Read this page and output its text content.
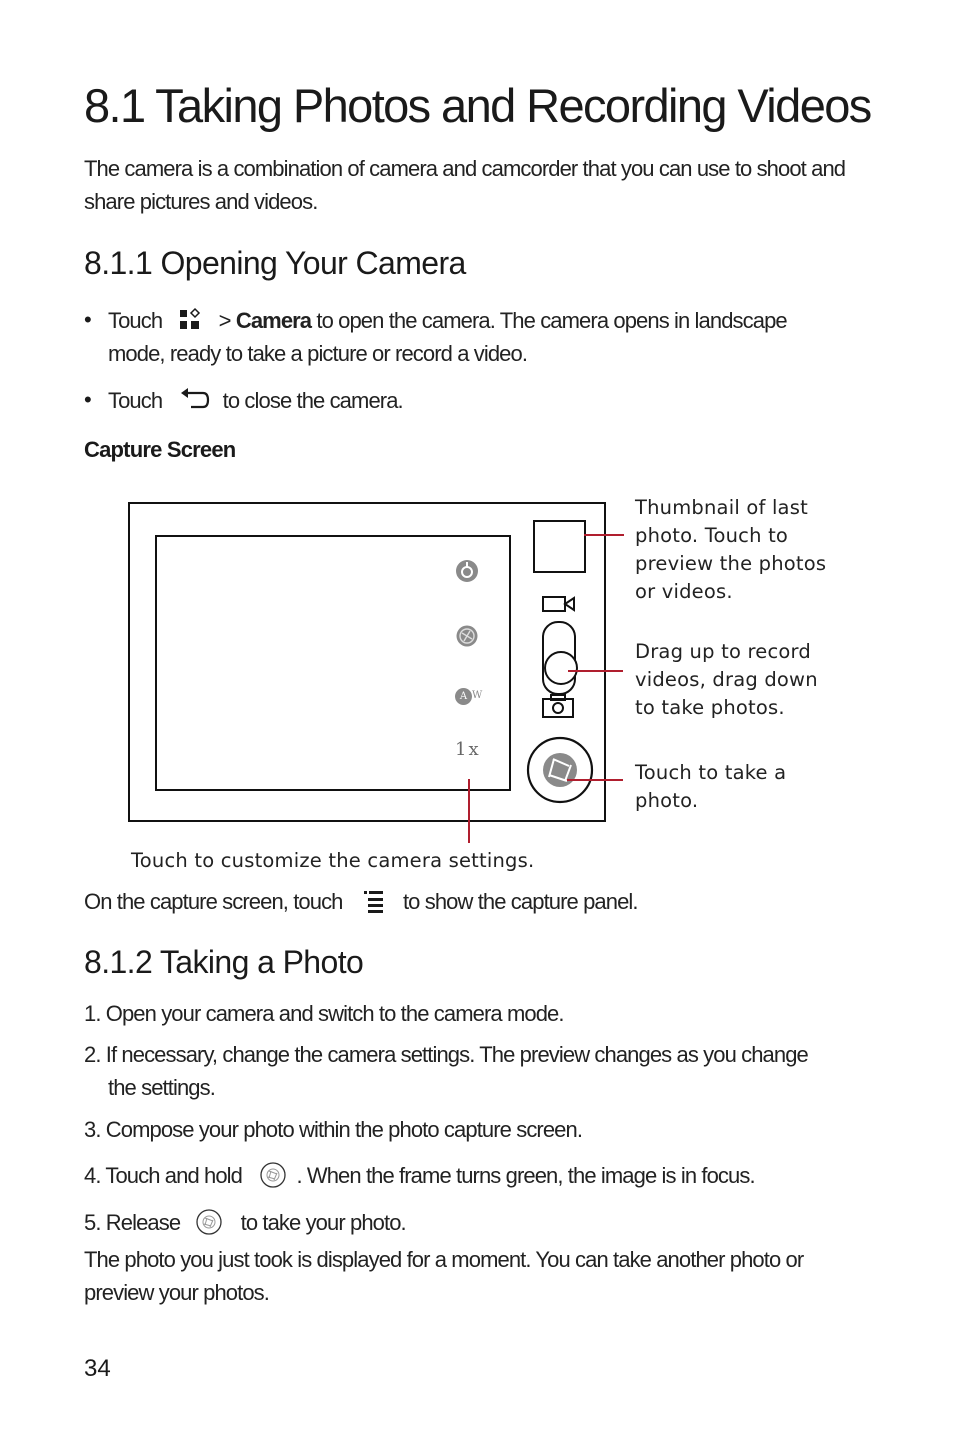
8.1 Taking Photos and Recording Videos
The camera is a combination of camera and camcorder that you can use to shoot and
share pictures and videos.
8.1.1 Opening Your Camera
• Touch	> Camera to open the camera. The camera opens in landscape
mode, ready to take a picture or record a video.
• Touch	to close the camera.
Capture Screen
A W
1x
Thumbnail of last
photo. Touch to
preview the photos
or videos.
Drag up to record
videos, drag down
to take photos.
Touch to take a
photo.
Touch to customize the camera settings.
On the capture screen, touch	to show the capture panel.
8.1.2 Taking a Photo
1. Open your camera and switch to the camera mode.
2. If necessary, change the camera settings. The preview changes as you change
the settings.
3. Compose your photo within the photo capture screen.
4. Touch and hold . When the frame turns green, the image is in focus.
5. Release	to take your photo.
The photo you just took is displayed for a moment. You can take another photo or
preview your photos.
34
